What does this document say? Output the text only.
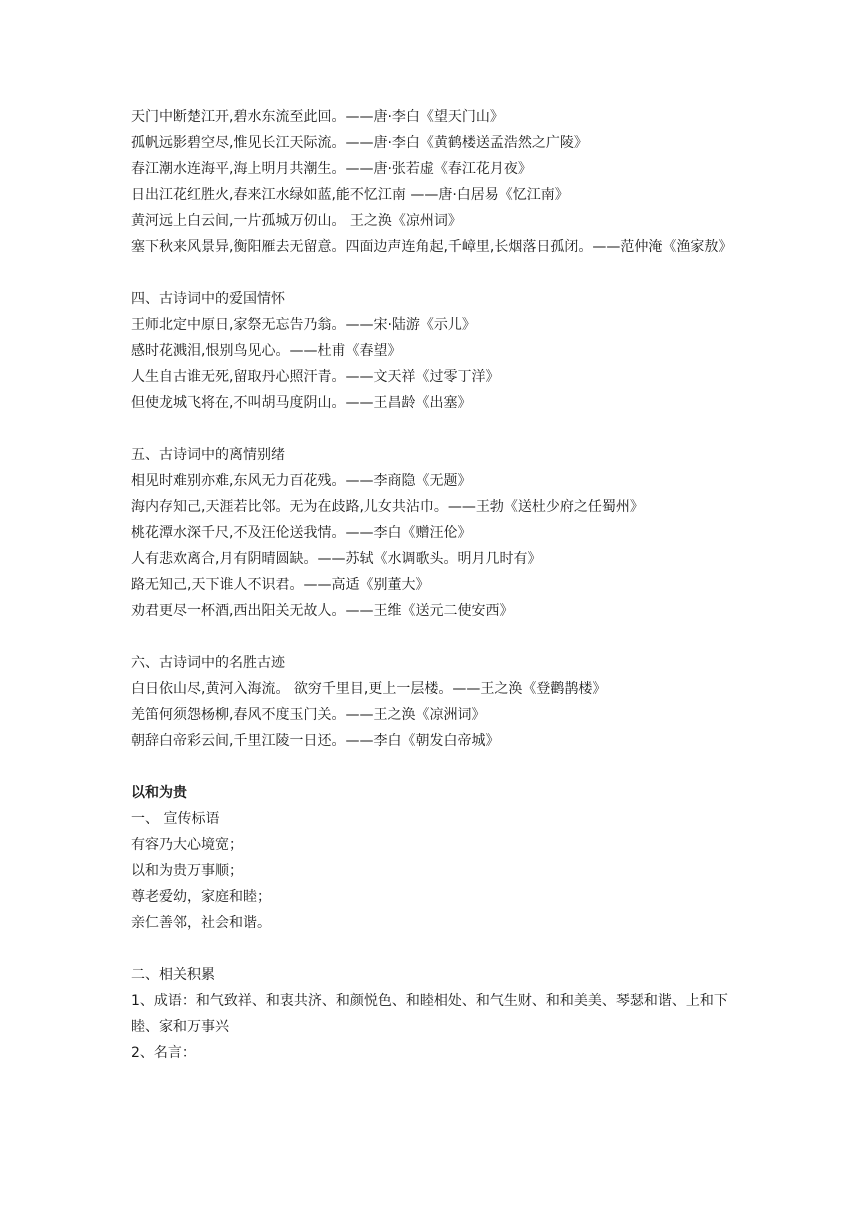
天门中断楚江开,碧水东流至此回。——唐·李白《望天门山》
孤帆远影碧空尽,惟见长江天际流。——唐·李白《黄鹤楼送孟浩然之广陵》
春江潮水连海平,海上明月共潮生。——唐·张若虚《春江花月夜》
日出江花红胜火,春来江水绿如蓝,能不忆江南 ——唐·白居易《忆江南》
黄河远上白云间,一片孤城万仞山。 王之涣《凉州词》
塞下秋来风景异,衡阳雁去无留意。四面边声连角起,千嶂里,长烟落日孤闭。——范仲淹《渔家敖》
四、古诗词中的爱国情怀
王师北定中原日,家祭无忘告乃翁。——宋·陆游《示儿》
感时花溅泪,恨别鸟见心。——杜甫《春望》
人生自古谁无死,留取丹心照汗青。——文天祥《过零丁洋》
但使龙城飞将在,不叫胡马度阴山。——王昌龄《出塞》
五、古诗词中的离情别绪
相见时难别亦难,东风无力百花残。——李商隐《无题》
海内存知己,天涯若比邻。无为在歧路,儿女共沾巾。——王勃《送杜少府之任蜀州》
桃花潭水深千尺,不及汪伦送我情。——李白《赠汪伦》
人有悲欢离合,月有阴晴圆缺。——苏轼《水调歌头。明月几时有》
路无知己,天下谁人不识君。——高适《别董大》
劝君更尽一杯酒,西出阳关无故人。——王维《送元二使安西》
六、古诗词中的名胜古迹
白日依山尽,黄河入海流。 欲穷千里目,更上一层楼。——王之涣《登鹳鹊楼》
羌笛何须怨杨柳,春风不度玉门关。——王之涣《凉洲词》
朝辞白帝彩云间,千里江陵一日还。——李白《朝发白帝城》
以和为贵
一、 宣传标语
有容乃大心境宽；
以和为贵万事顺；
尊老爱幼，家庭和睦；
亲仁善邻，社会和谐。
二、相关积累
1、成语：和气致祥、和衷共济、和颜悦色、和睦相处、和气生财、和和美美、琴瑟和谐、上和下睦、家和万事兴
2、名言：
